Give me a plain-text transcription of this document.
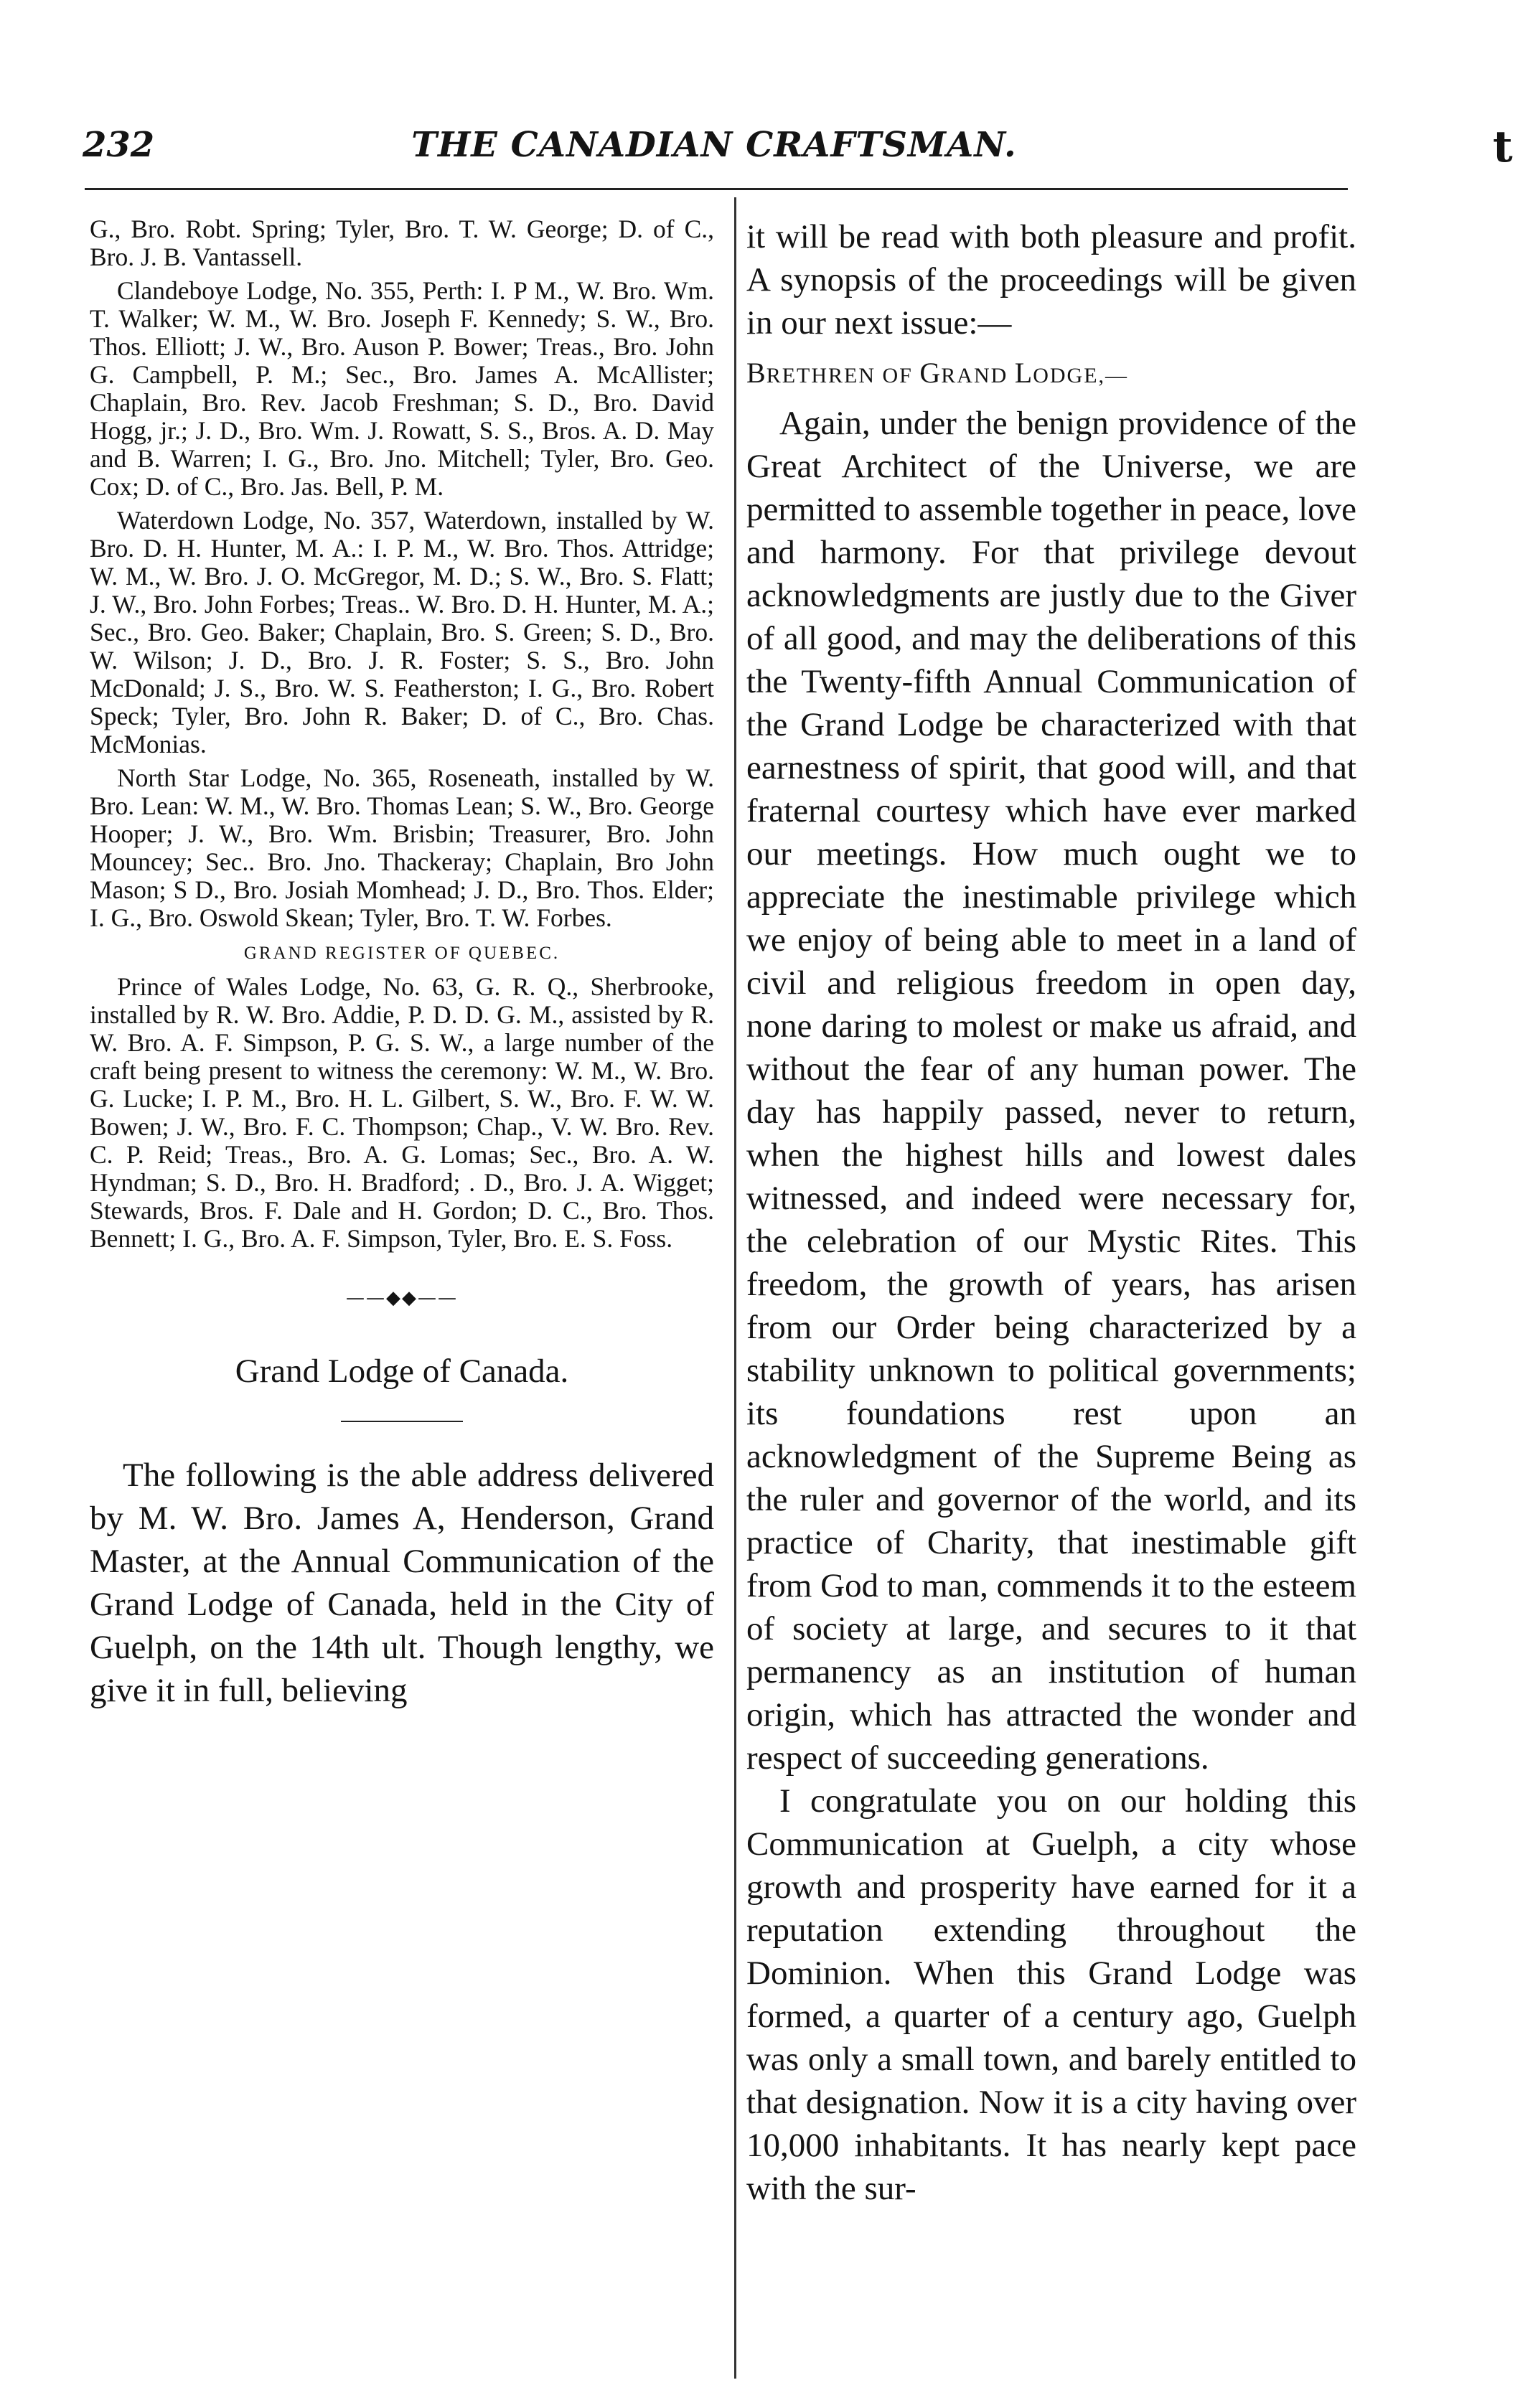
232	THE CANADIAN CRAFTSMAN.	t

G., Bro. Robt. Spring; Tyler, Bro. T. W. George; D. of C., Bro. J. B. Vantassell.

Clandeboye Lodge, No. 355, Perth: I. P M., W. Bro. Wm. T. Walker; W. M., W. Bro. Joseph F. Kennedy; S. W., Bro. Thos. Elliott; J. W., Bro. Auson P. Bower; Treas., Bro. John G. Campbell, P. M.; Sec., Bro. James A. McAllister; Chaplain, Bro. Rev. Jacob Freshman; S. D., Bro. David Hogg, jr.; J. D., Bro. Wm. J. Rowatt, S. S., Bros. A. D. May and B. Warren; I. G., Bro. Jno. Mitchell; Tyler, Bro. Geo. Cox; D. of C., Bro. Jas. Bell, P. M.

Waterdown Lodge, No. 357, Waterdown, installed by W. Bro. D. H. Hunter, M. A.: I. P. M., W. Bro. Thos. Attridge; W. M., W. Bro. J. O. McGregor, M. D.; S. W., Bro. S. Flatt; J. W., Bro. John Forbes; Treas.. W. Bro. D. H. Hunter, M. A.; Sec., Bro. Geo. Baker; Chaplain, Bro. S. Green; S. D., Bro. W. Wilson; J. D., Bro. J. R. Foster; S. S., Bro. John McDonald; J. S., Bro. W. S. Featherston; I. G., Bro. Robert Speck; Tyler, Bro. John R. Baker; D. of C., Bro. Chas. McMonias.

North Star Lodge, No. 365, Roseneath, installed by W. Bro. Lean: W. M., W. Bro. Thomas Lean; S. W., Bro. George Hooper; J. W., Bro. Wm. Brisbin; Treasurer, Bro. John Mouncey; Sec.. Bro. Jno. Thackeray; Chaplain, Bro John Mason; S D., Bro. Josiah Momhead; J. D., Bro. Thos. Elder; I. G., Bro. Oswold Skean; Tyler, Bro. T. W. Forbes.

GRAND REGISTER OF QUEBEC.

Prince of Wales Lodge, No. 63, G. R. Q., Sherbrooke, installed by R. W. Bro. Addie, P. D. D. G. M., assisted by R. W. Bro. A. F. Simpson, P. G. S. W., a large number of the craft being present to witness the ceremony: W. M., W. Bro. G. Lucke; I. P. M., Bro. H. L. Gilbert, S. W., Bro. F. W. W. Bowen; J. W., Bro. F. C. Thompson; Chap., V. W. Bro. Rev. C. P. Reid; Treas., Bro. A. G. Lomas; Sec., Bro. A. W. Hyndman; S. D., Bro. H. Bradford; . D., Bro. J. A. Wigget; Stewards, Bros. F. Dale and H. Gordon; D. C., Bro. Thos. Bennett; I. G., Bro. A. F. Simpson, Tyler, Bro. E. S. Foss.

——◆◆——
Grand Lodge of Canada.

The following is the able address delivered by M. W. Bro. James A, Henderson, Grand Master, at the Annual Communication of the Grand Lodge of Canada, held in the City of Guelph, on the 14th ult. Though lengthy, we give it in full, believing

it will be read with both pleasure and profit. A synopsis of the proceedings will be given in our next issue:—

BRETHREN OF GRAND LODGE,—

Again, under the benign providence of the Great Architect of the Universe, we are permitted to assemble together in peace, love and harmony. For that privilege devout acknowledgments are justly due to the Giver of all good, and may the deliberations of this the Twenty-fifth Annual Communication of the Grand Lodge be characterized with that earnestness of spirit, that good will, and that fraternal courtesy which have ever marked our meetings. How much ought we to appreciate the inestimable privilege which we enjoy of being able to meet in a land of civil and religious freedom in open day, none daring to molest or make us afraid, and without the fear of any human power. The day has happily passed, never to return, when the highest hills and lowest dales witnessed, and indeed were necessary for, the celebration of our Mystic Rites. This freedom, the growth of years, has arisen from our Order being characterized by a stability unknown to political governments; its foundations rest upon an acknowledgment of the Supreme Being as the ruler and governor of the world, and its practice of Charity, that inestimable gift from God to man, commends it to the esteem of society at large, and secures to it that permanency as an institution of human origin, which has attracted the wonder and respect of succeeding generations.

I congratulate you on our holding this Communication at Guelph, a city whose growth and prosperity have earned for it a reputation extending throughout the Dominion. When this Grand Lodge was formed, a quarter of a century ago, Guelph was only a small town, and barely entitled to that designation. Now it is a city having over 10,000 inhabitants. It has nearly kept pace with the sur-
